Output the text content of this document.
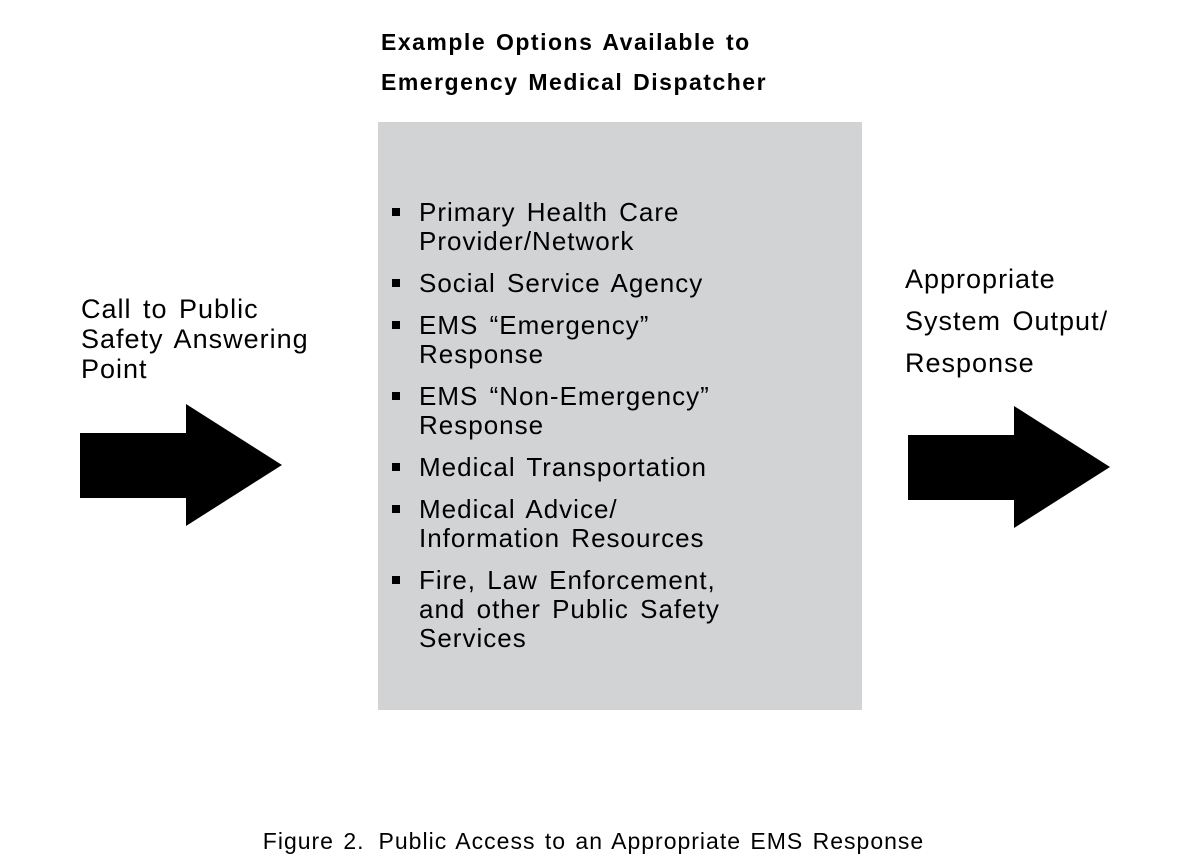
Example Options Available to
Emergency Medical Dispatcher
Call to Public
Safety Answering
Point
Primary Health Care
Provider/Network
Social Service Agency
EMS “Emergency”
Response
EMS “Non-Emergency”
Response
Medical Transportation
Medical Advice/
Information Resources
Fire, Law Enforcement,
and other Public Safety
Services
Appropriate
System Output/
Response

Figure 2. Public Access to an Appropriate EMS Response
